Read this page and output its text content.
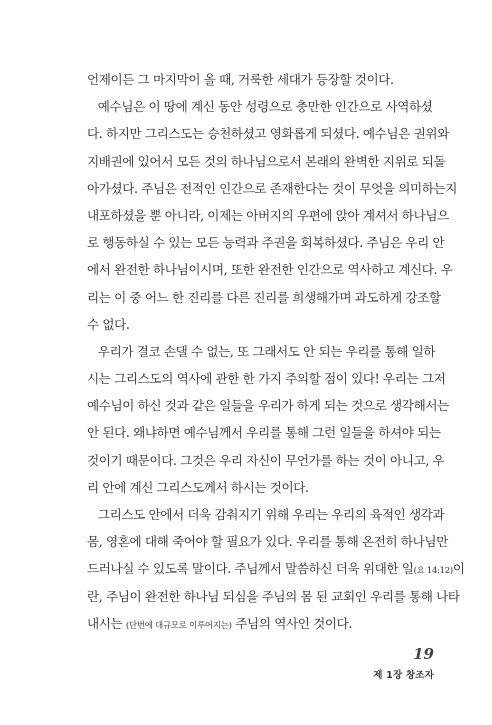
언제이든 그 마지막이 올 때, 거룩한 세대가 등장할 것이다.
예수님은 이 땅에 계신 동안 성령으로 충만한 인간으로 사역하셨
다. 하지만 그리스도는 승천하셨고 영화롭게 되셨다. 예수님은 권위와
지배권에 있어서 모든 것의 하나님으로서 본래의 완벽한 지위로 되돌
아가셨다. 주님은 전적인 인간으로 존재한다는 것이 무엇을 의미하는지
내포하셨을 뿐 아니라, 이제는 아버지의 우편에 앉아 계셔서 하나님으
로 행동하실 수 있는 모든 능력과 주권을 회복하셨다. 주님은 우리 안
에서 완전한 하나님이시며, 또한 완전한 인간으로 역사하고 계신다. 우
리는 이 중 어느 한 진리를 다른 진리를 희생해가며 과도하게 강조할
수 없다.
우리가 결코 손댈 수 없는, 또 그래서도 안 되는 우리를 통해 일하
시는 그리스도의 역사에 관한 한 가지 주의할 점이 있다! 우리는 그저
예수님이 하신 것과 같은 일들을 우리가 하게 되는 것으로 생각해서는
안 된다. 왜냐하면 예수님께서 우리를 통해 그런 일들을 하셔야 되는
것이기 때문이다. 그것은 우리 자신이 무언가를 하는 것이 아니고, 우
리 안에 계신 그리스도께서 하시는 것이다.
그리스도 안에서 더욱 감춰지기 위해 우리는 우리의 육적인 생각과
몸, 영혼에 대해 죽어야 할 필요가 있다. 우리를 통해 온전히 하나님만
드러나실 수 있도록 말이다. 주님께서 말씀하신 더욱 위대한 일(요 14:12)이
란, 주님이 완전한 하나님 되심을 주님의 몸 된 교회인 우리를 통해 나타
내시는 (단번에 대규모로 이루어지는) 주님의 역사인 것이다.
19
제 1장 창조자
